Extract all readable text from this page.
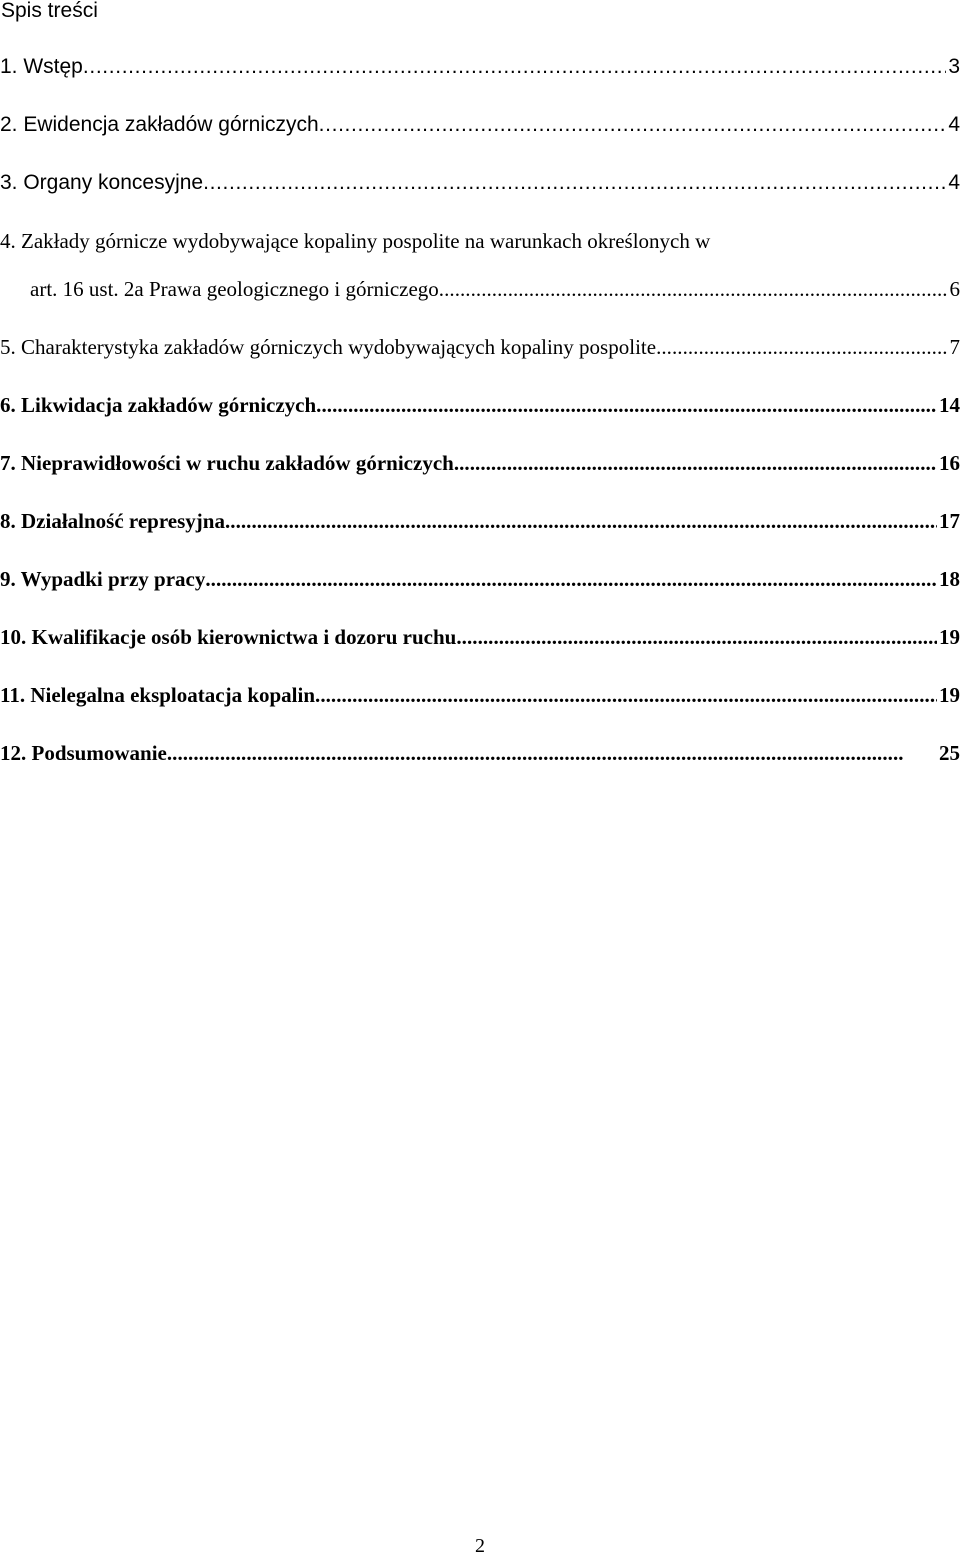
Spis treści
1. Wstęp . . .	3
2. Ewidencja zakładów górniczych . . .	4
3. Organy koncesyjne . . .	4
4. Zakłady górnicze wydobywające kopaliny pospolite na warunkach określonych w
art. 16 ust. 2a Prawa geologicznego i górniczego . . .	6
5. Charakterystyka zakładów górniczych wydobywających kopaliny pospolite . . .	7
6. Likwidacja zakładów górniczych . . .	14
7. Nieprawidłowości w ruchu zakładów górniczych . . .	16
8. Działalność represyjna . . .	17
9. Wypadki przy pracy . . .	18
10. Kwalifikacje osób kierownictwa i dozoru ruchu . . .	19
11. Nielegalna eksploatacja kopalin . . .	19
12. Podsumowanie . . .	25
2
